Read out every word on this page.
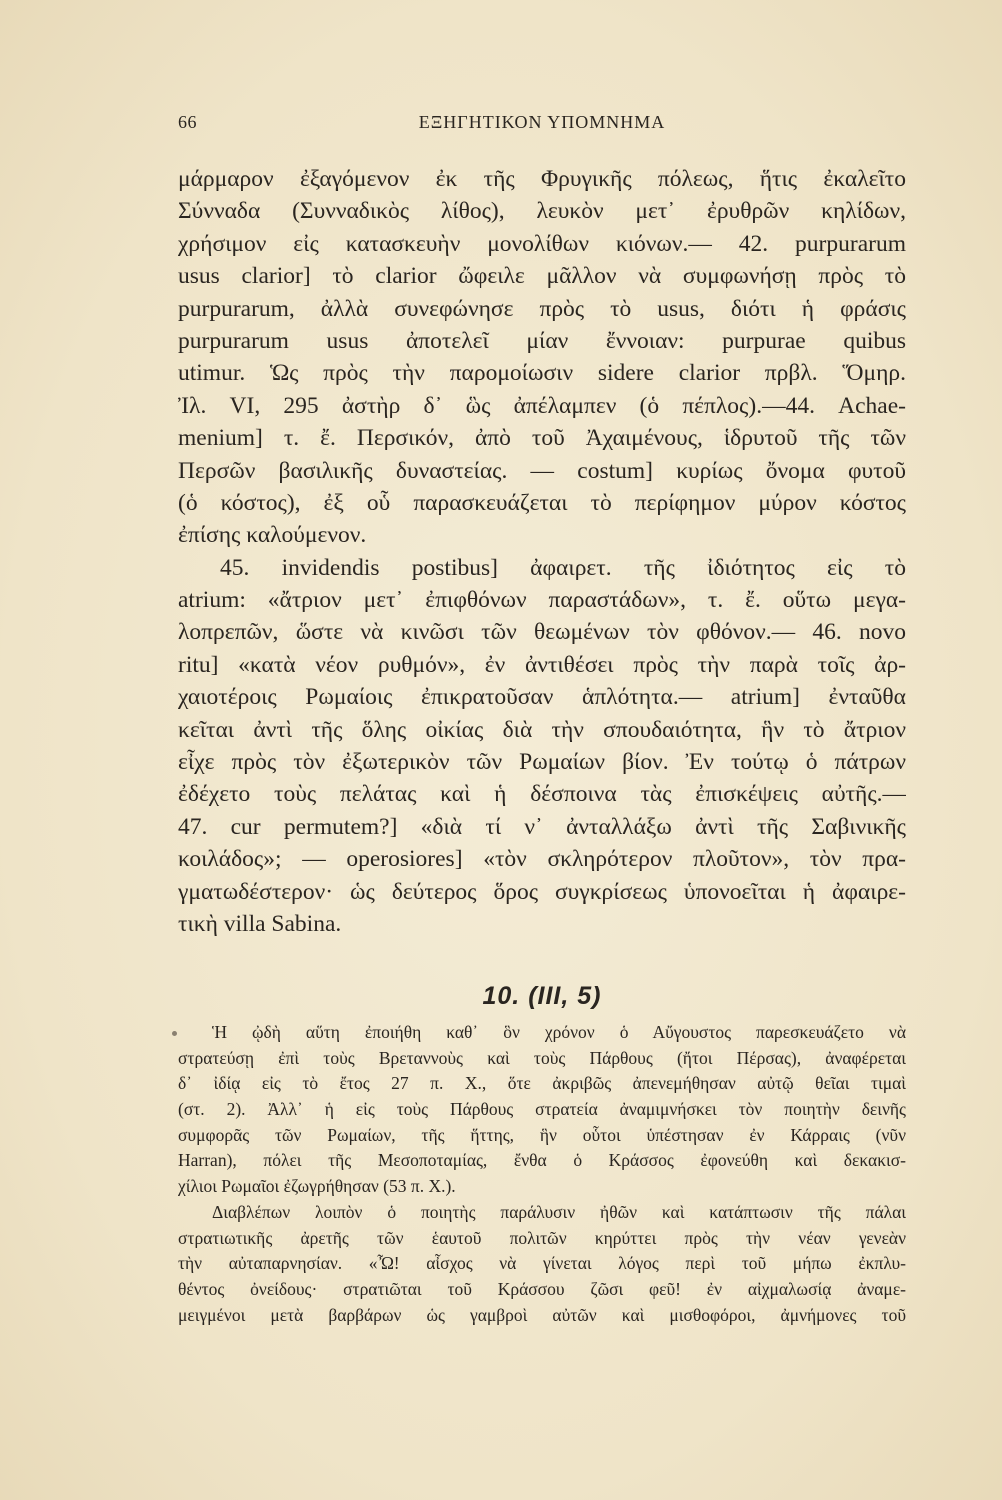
66	ΕΞΗΓΗΤΙΚΟΝ ΥΠΟΜΝΗΜΑ
μάρμαρον ἐξαγόμενον ἐκ τῆς Φρυγικῆς πόλεως, ἥτις ἐκαλεῖτο
Σύνναδα (Συνναδικὸς λίθος), λευκὸν μετ᾽ ἐρυθρῶν κηλίδων,
χρήσιμον εἰς κατασκευὴν μονολίθων κιόνων.— 42. purpurarum
usus clarior] τὸ clarior ὤφειλε μᾶλλον νὰ συμφωνήσῃ πρὸς τὸ
purpurarum, ἀλλὰ συνεφώνησε πρὸς τὸ usus, διότι ἡ φράσις
purpurarum usus ἀποτελεῖ μίαν ἔννοιαν: purpurae quibus
utimur. Ὡς πρὸς τὴν παρομοίωσιν sidere clarior πρβλ. Ὅμηρ.
Ἰλ. VI, 295 ἀστὴρ δ᾽ ὣς ἀπέλαμπεν (ὁ πέπλος).—44. Achae-
menium] τ. ἔ. Περσικόν, ἀπὸ τοῦ Ἀχαιμένους, ἱδρυτοῦ τῆς τῶν
Περσῶν βασιλικῆς δυναστείας. — costum] κυρίως ὄνομα φυτοῦ
(ὁ κόστος), ἐξ οὗ παρασκευάζεται τὸ περίφημον μύρον κόστος
ἐπίσης καλούμενον.
45. invidendis postibus] ἀφαιρετ. τῆς ἰδιότητος εἰς τὸ
atrium: «ἄτριον μετ᾽ ἐπιφθόνων παραστάδων», τ. ἔ. οὕτω μεγα-
λοπρεπῶν, ὥστε νὰ κινῶσι τῶν θεωμένων τὸν φθόνον.— 46. novo
ritu] «κατὰ νέον ρυθμόν», ἐν ἀντιθέσει πρὸς τὴν παρὰ τοῖς ἀρ-
χαιοτέροις Ρωμαίοις ἐπικρατοῦσαν ἁπλότητα.— atrium] ἐνταῦθα
κεῖται ἀντὶ τῆς ὅλης οἰκίας διὰ τὴν σπουδαιότητα, ἣν τὸ ἄτριον
εἶχε πρὸς τὸν ἐξωτερικὸν τῶν Ρωμαίων βίον. Ἐν τούτῳ ὁ πάτρων
ἐδέχετο τοὺς πελάτας καὶ ἡ δέσποινα τὰς ἐπισκέψεις αὐτῆς.—
47. cur permutem?] «διὰ τί ν᾽ ἀνταλλάξω ἀντὶ τῆς Σαβινικῆς
κοιλάδος»; — operosiores] «τὸν σκληρότερον πλοῦτον», τὸν πρα-
γματωδέστερον· ὡς δεύτερος ὅρος συγκρίσεως ὑπονοεῖται ἡ ἀφαιρε-
τικὴ villa Sabina.
10. (III, 5)
Ἡ ᾠδὴ αὕτη ἐποιήθη καθ᾽ ὃν χρόνον ὁ Αὔγουστος παρεσκευάζετο νὰ
στρατεύσῃ ἐπὶ τοὺς Βρεταννοὺς καὶ τοὺς Πάρθους (ἤτοι Πέρσας), ἀναφέρεται
δ᾽ ἰδίᾳ εἰς τὸ ἔτος 27 π. Χ., ὅτε ἀκριβῶς ἀπενεμήθησαν αὐτῷ θεῖαι τιμαὶ
(στ. 2). Ἀλλ᾽ ἡ εἰς τοὺς Πάρθους στρατεία ἀναμιμνήσκει τὸν ποιητὴν δεινῆς
συμφορᾶς τῶν Ρωμαίων, τῆς ἥττης, ἣν οὗτοι ὑπέστησαν ἐν Κάρραις (νῦν
Harran), πόλει τῆς Μεσοποταμίας, ἔνθα ὁ Κράσσος ἐφονεύθη καὶ δεκακισ-
χίλιοι Ρωμαῖοι ἐζωγρήθησαν (53 π. Χ.).
Διαβλέπων λοιπὸν ὁ ποιητὴς παράλυσιν ἠθῶν καὶ κατάπτωσιν τῆς πάλαι
στρατιωτικῆς ἀρετῆς τῶν ἑαυτοῦ πολιτῶν κηρύττει πρὸς τὴν νέαν γενεὰν
τὴν αὐταπαρνησίαν. «Ὦ! αἶσχος νὰ γίνεται λόγος περὶ τοῦ μήπω ἐκπλυ-
θέντος ὀνείδους· στρατιῶται τοῦ Κράσσου ζῶσι φεῦ! ἐν αἰχμαλωσίᾳ ἀναμε-
μειγμένοι μετὰ βαρβάρων ὡς γαμβροὶ αὐτῶν καὶ μισθοφόροι, ἀμνήμονες τοῦ
